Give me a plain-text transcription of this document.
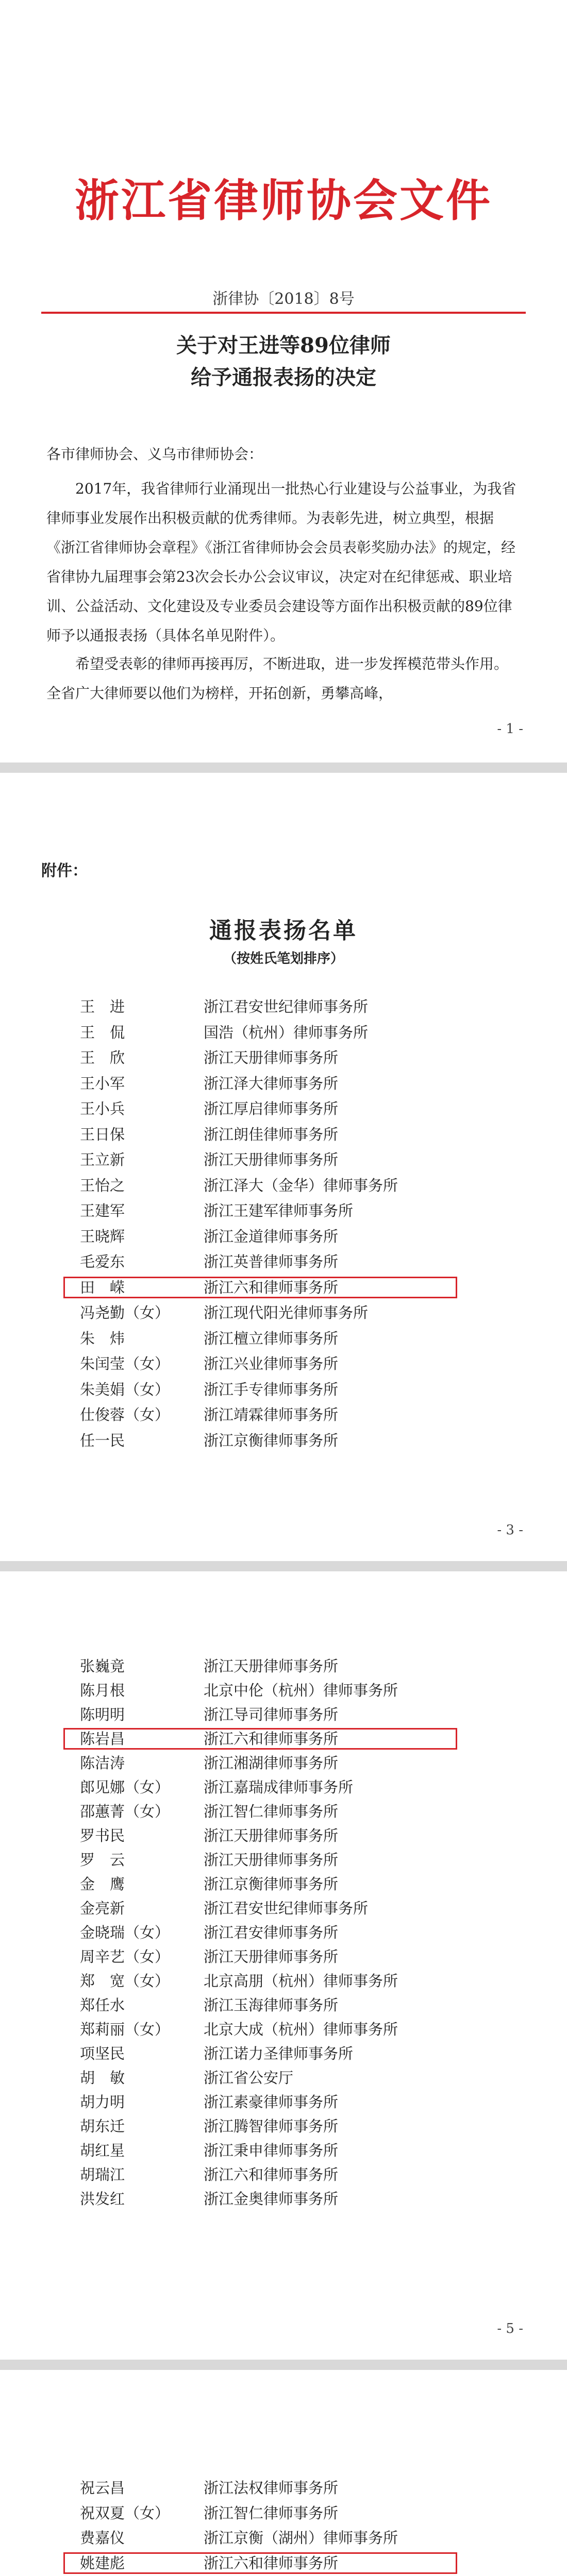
浙江省律师协会文件
浙律协〔2018〕8号
关于对王进等89位律师
给予通报表扬的决定
各市律师协会、义乌市律师协会：
2017年，我省律师行业涌现出一批热心行业建设与公益事业，为我省律师事业发展作出积极贡献的优秀律师。为表彰先进，树立典型，根据《浙江省律师协会章程》《浙江省律师协会会员表彰奖励办法》的规定，经省律协九届理事会第23次会长办公会议审议，决定对在纪律惩戒、职业培训、公益活动、文化建设及专业委员会建设等方面作出积极贡献的89位律师予以通报表扬（具体名单见附件）。
希望受表彰的律师再接再厉，不断进取，进一步发挥模范带头作用。全省广大律师要以他们为榜样，开拓创新，勇攀高峰，
- 1 -
附件：
通报表扬名单
（按姓氏笔划排序）
王　进	浙江君安世纪律师事务所
王　侃	国浩（杭州）律师事务所
王　欣	浙江天册律师事务所
王小军	浙江泽大律师事务所
王小兵	浙江厚启律师事务所
王日保	浙江朗佳律师事务所
王立新	浙江天册律师事务所
王怡之	浙江泽大（金华）律师事务所
王建军	浙江王建军律师事务所
王晓辉	浙江金道律师事务所
毛爱东	浙江英普律师事务所
田　嵘	浙江六和律师事务所
冯尧勤（女）	浙江现代阳光律师事务所
朱　炜	浙江檀立律师事务所
朱闰莹（女）	浙江兴业律师事务所
朱美娟（女）	浙江手专律师事务所
仕俊蓉（女）	浙江靖霖律师事务所
任一民	浙江京衡律师事务所
- 3 -
张巍竟	浙江天册律师事务所
陈月根	北京中伦（杭州）律师事务所
陈明明	浙江导司律师事务所
陈岩昌	浙江六和律师事务所
陈洁涛	浙江湘湖律师事务所
郎见娜（女）	浙江嘉瑞成律师事务所
邵蕙菁（女）	浙江智仁律师事务所
罗书民	浙江天册律师事务所
罗　云	浙江天册律师事务所
金　鹰	浙江京衡律师事务所
金亮新	浙江君安世纪律师事务所
金晓瑞（女）	浙江君安律师事务所
周辛艺（女）	浙江天册律师事务所
郑　宽（女）	北京高朋（杭州）律师事务所
郑任水	浙江玉海律师事务所
郑莉丽（女）	北京大成（杭州）律师事务所
项坚民	浙江诺力圣律师事务所
胡　敏	浙江省公安厅
胡力明	浙江素豪律师事务所
胡东迁	浙江腾智律师事务所
胡红星	浙江秉申律师事务所
胡瑞江	浙江六和律师事务所
洪发红	浙江金奥律师事务所
- 5 -
祝云昌	浙江法权律师事务所
祝双夏（女）	浙江智仁律师事务所
费嘉仪	浙江京衡（湖州）律师事务所
姚建彪	浙江六和律师事务所
